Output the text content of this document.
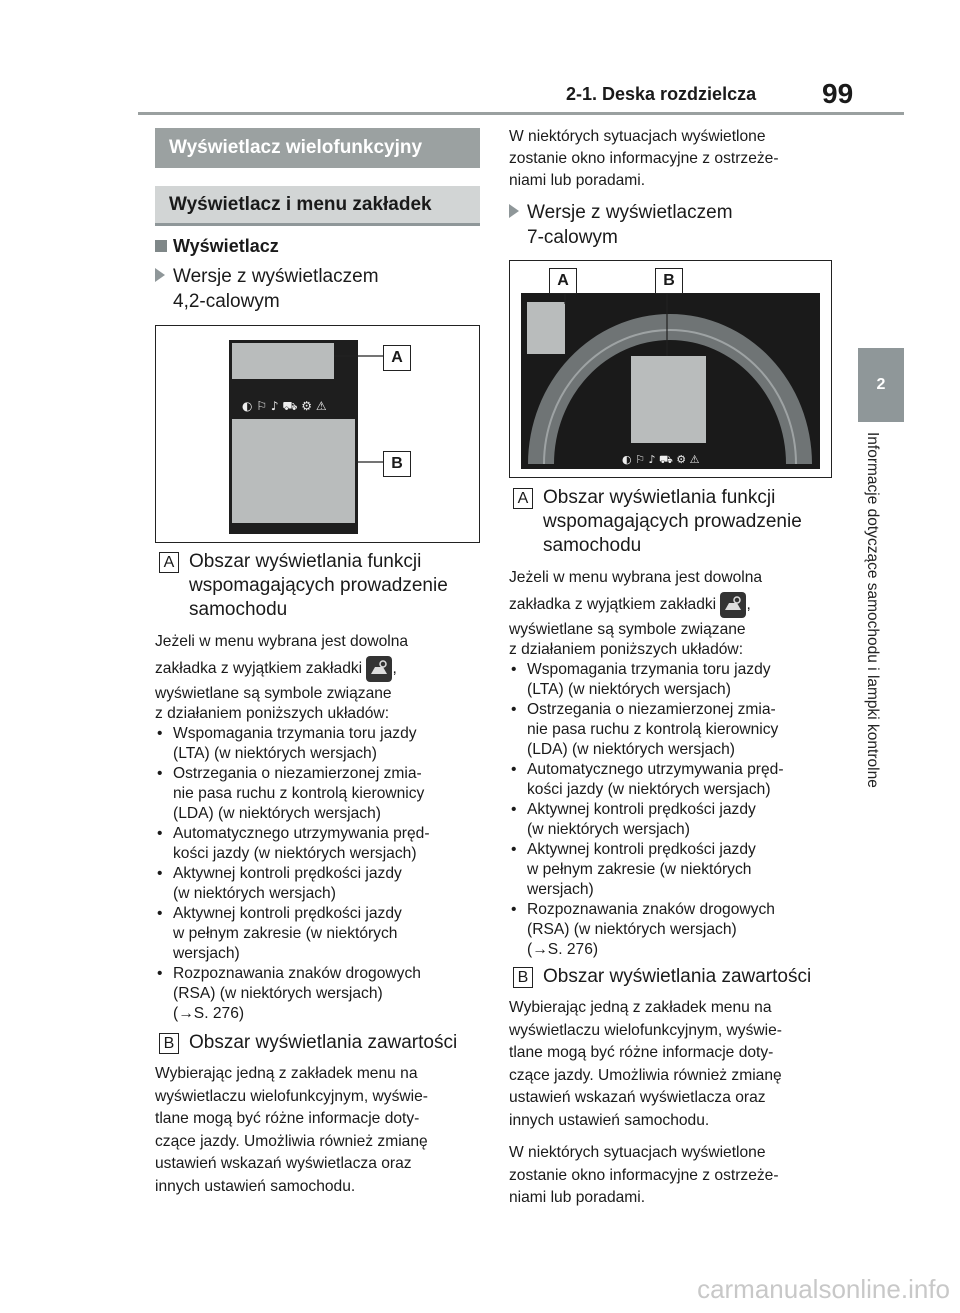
2-1. Deska rozdzielcza 99
2
Informacje dotyczące samochodu i lampki kontrolne
Wyświetlacz wielofunkcyjny
Wyświetlacz i menu zakładek
Wyświetlacz
Wersje z wyświetlaczem
4,2-calowym
◐ ⚐ ♪ ⛟ ⚙ ⚠
A
B
A Obszar wyświetlania funkcji
wspomagających prowadzenie
samochodu
Jeżeli w menu wybrana jest dowolna
zakładka z wyjątkiem zakładki ,
wyświetlane są symbole związane
z działaniem poniższych układów:
• Wspomagania trzymania toru jazdy
(LTA) (w niektórych wersjach)
• Ostrzegania o niezamierzonej zmia-
nie pasa ruchu z kontrolą kierownicy
(LDA) (w niektórych wersjach)
• Automatycznego utrzymywania pręd-
kości jazdy (w niektórych wersjach)
• Aktywnej kontroli prędkości jazdy
(w niektórych wersjach)
• Aktywnej kontroli prędkości jazdy
w pełnym zakresie (w niektórych
wersjach)
• Rozpoznawania znaków drogowych
(RSA) (w niektórych wersjach)
(→S. 276)
B Obszar wyświetlania zawartości
Wybierając jedną z zakładek menu na
wyświetlaczu wielofunkcyjnym, wyświe-
tlane mogą być różne informacje doty-
czące jazdy. Umożliwia również zmianę
ustawień wskazań wyświetlacza oraz
innych ustawień samochodu.
W niektórych sytuacjach wyświetlone
zostanie okno informacyjne z ostrzeże-
niami lub poradami.
Wersje z wyświetlaczem
7-calowym
◐ ⚐ ♪ ⛟ ⚙ ⚠
A	B
A Obszar wyświetlania funkcji
wspomagających prowadzenie
samochodu
Jeżeli w menu wybrana jest dowolna
zakładka z wyjątkiem zakładki ,
wyświetlane są symbole związane
z działaniem poniższych układów:
• Wspomagania trzymania toru jazdy
(LTA) (w niektórych wersjach)
• Ostrzegania o niezamierzonej zmia-
nie pasa ruchu z kontrolą kierownicy
(LDA) (w niektórych wersjach)
• Automatycznego utrzymywania pręd-
kości jazdy (w niektórych wersjach)
• Aktywnej kontroli prędkości jazdy
(w niektórych wersjach)
• Aktywnej kontroli prędkości jazdy
w pełnym zakresie (w niektórych
wersjach)
• Rozpoznawania znaków drogowych
(RSA) (w niektórych wersjach)
(→S. 276)
B Obszar wyświetlania zawartości
Wybierając jedną z zakładek menu na
wyświetlaczu wielofunkcyjnym, wyświe-
tlane mogą być różne informacje doty-
czące jazdy. Umożliwia również zmianę
ustawień wskazań wyświetlacza oraz
innych ustawień samochodu.
W niektórych sytuacjach wyświetlone
zostanie okno informacyjne z ostrzeże-
niami lub poradami.
carmanualsonline.info
